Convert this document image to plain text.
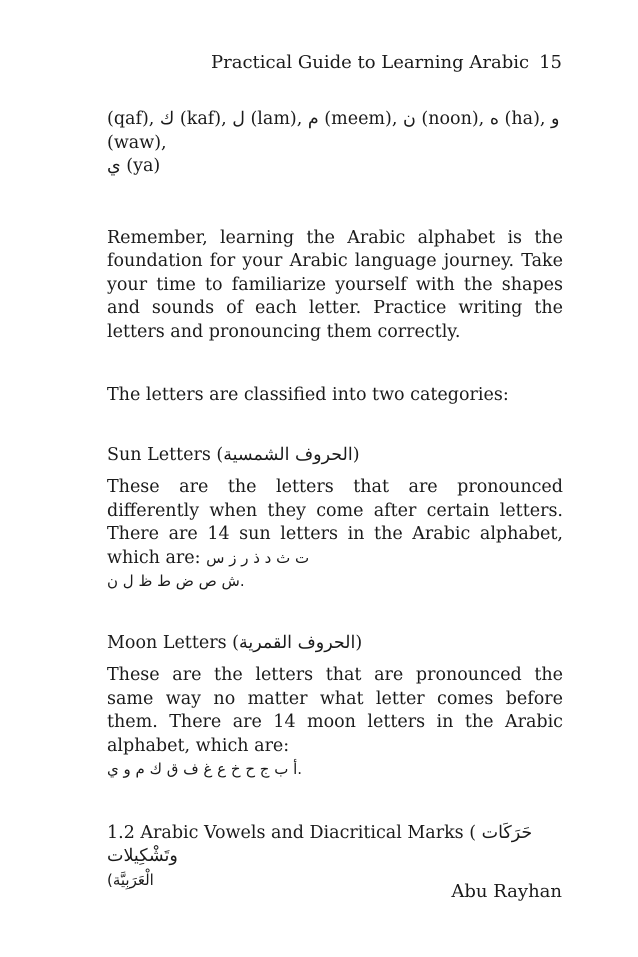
Practical Guide to Learning Arabic 15

(qaf), ك (kaf), ل (lam), م (meem), ن (noon), ه (ha), و (waw),
ي (ya)

Remember, learning the Arabic alphabet is the foundation for your Arabic language journey. Take your time to familiarize yourself with the shapes and sounds of each letter. Practice writing the letters and pronouncing them correctly.

The letters are classified into two categories:

Sun Letters (الحروف الشمسية)

These are the letters that are pronounced differently when they come after certain letters. There are 14 sun letters in the Arabic alphabet, which are: ت ث د ذ ر ز س
ش ص ض ط ظ ل ن.

Moon Letters (الحروف القمرية)

These are the letters that are pronounced the same way no matter what letter comes before them. There are 14 moon letters in the Arabic alphabet, which are:
أ ب ج ح خ ع غ ف ق ك م و ي.

1.2 Arabic Vowels and Diacritical Marks ( حَرَكَات وتَشْكِيلات
(الْعَرَبِيَّة

Abu Rayhan
